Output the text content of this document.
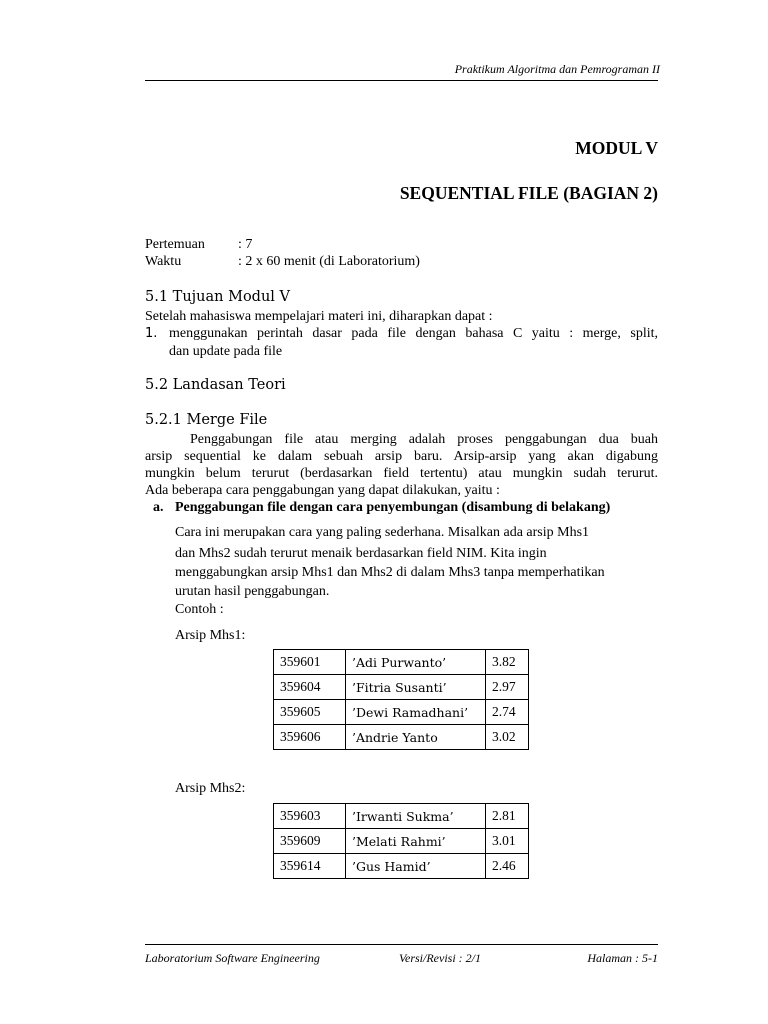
Praktikum Algoritma dan Pemrograman II
MODUL V
SEQUENTIAL FILE (BAGIAN 2)
Pertemuan : 7
Waktu	: 2 x 60 menit (di Laboratorium)
5.1 Tujuan Modul V
Setelah mahasiswa mempelajari materi ini, diharapkan dapat :
1. menggunakan perintah dasar pada file dengan bahasa C yaitu : merge, split,
dan update pada file
5.2 Landasan Teori
5.2.1 Merge File
Penggabungan file atau merging adalah proses penggabungan dua buah
arsip sequential ke dalam sebuah arsip baru. Arsip-arsip yang akan digabung
mungkin belum terurut (berdasarkan field tertentu) atau mungkin sudah terurut.
Ada beberapa cara penggabungan yang dapat dilakukan, yaitu :
a. Penggabungan file dengan cara penyembungan (disambung di belakang)
Cara ini merupakan cara yang paling sederhana. Misalkan ada arsip Mhs1
dan Mhs2 sudah terurut menaik berdasarkan field NIM. Kita ingin
menggabungkan arsip Mhs1 dan Mhs2 di dalam Mhs3 tanpa memperhatikan
urutan hasil penggabungan.
Contoh :
Arsip Mhs1:
359601	’Adi Purwanto’	3.82
359604	’Fitria Susanti’	2.97
359605	’Dewi Ramadhani’	2.74
359606	’Andrie Yanto	3.02
Arsip Mhs2:
359603	’Irwanti Sukma’	2.81
359609	’Melati Rahmi’	3.01
359614	’Gus Hamid’	2.46
Laboratorium Software Engineering	Versi/Revisi : 2/1	Halaman : 5-1
